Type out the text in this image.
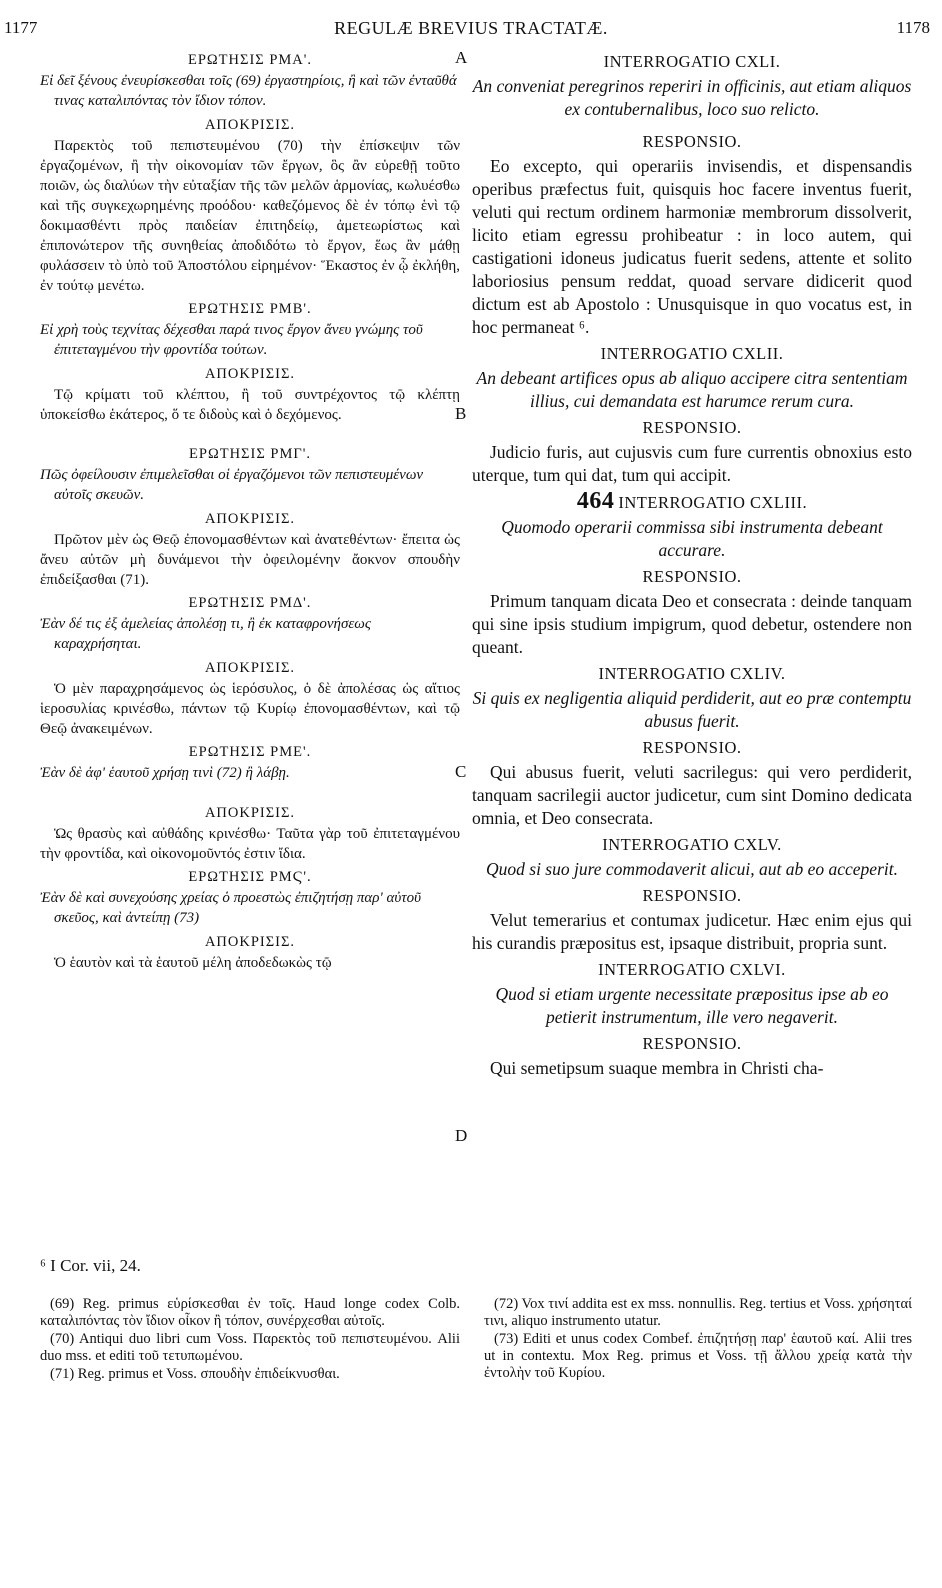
1177	REGULÆ BREVIUS TRACTATÆ.	1178

ΕΡΩΤΗΣΙΣ ΡΜΑ'.

Εἰ δεῖ ξένους ἐνευρίσκεσθαι τοῖς (69) ἐργαστηρίοις, ἢ καὶ τῶν ἐνταῦθά τινας καταλιπόντας τὸν ἴδιον τόπον.

ΑΠΟΚΡΙΣΙΣ.

Παρεκτὸς τοῦ πεπιστευμένου (70) τὴν ἐπίσκεψιν τῶν ἐργαζομένων, ἢ τὴν οἰκονομίαν τῶν ἔργων, ὃς ἂν εὑρεθῇ τοῦτο ποιῶν, ὡς διαλύων τὴν εὐταξίαν τῆς τῶν μελῶν ἁρμονίας, κωλυέσθω καὶ τῆς συγκεχωρημένης προόδου· καθεζόμενος δὲ ἐν τόπῳ ἑνὶ τῷ δοκιμασθέντι πρὸς παιδείαν ἐπιτηδείῳ, ἀμετεωρίστως καὶ ἐπιπονώτερον τῆς συνηθείας ἀποδιδότω τὸ ἔργον, ἕως ἂν μάθῃ φυλάσσειν τὸ ὑπὸ τοῦ Ἀποστόλου εἰρημένον· Ἕκαστος ἐν ᾧ ἐκλήθη, ἐν τούτῳ μενέτω.

ΕΡΩΤΗΣΙΣ ΡΜΒ'.

Εἰ χρὴ τοὺς τεχνίτας δέχεσθαι παρά τινος ἔργον ἄνευ γνώμης τοῦ ἐπιτεταγμένου τὴν φροντίδα τούτων.

ΑΠΟΚΡΙΣΙΣ.

Τῷ κρίματι τοῦ κλέπτου, ἢ τοῦ συντρέχοντος τῷ κλέπτῃ ὑποκείσθω ἑκάτερος, ὅ τε διδοὺς καὶ ὁ δεχόμενος.

ΕΡΩΤΗΣΙΣ ΡΜΓ'.

Πῶς ὀφείλουσιν ἐπιμελεῖσθαι οἱ ἐργαζόμενοι τῶν πεπιστευμένων αὐτοῖς σκευῶν.

ΑΠΟΚΡΙΣΙΣ.

Πρῶτον μὲν ὡς Θεῷ ἐπονομασθέντων καὶ ἀνατεθέντων· ἔπειτα ὡς ἄνευ αὐτῶν μὴ δυνάμενοι τὴν ὀφειλομένην ἄοκνον σπουδὴν ἐπιδείξασθαι (71).

ΕΡΩΤΗΣΙΣ ΡΜΔ'.

Ἐὰν δέ τις ἐξ ἀμελείας ἀπολέσῃ τι, ἢ ἐκ καταφρονήσεως καραχρήσηται.

ΑΠΟΚΡΙΣΙΣ.

Ὁ μὲν παραχρησάμενος ὡς ἱερόσυλος, ὁ δὲ ἀπολέσας ὡς αἴτιος ἱεροσυλίας κρινέσθω, πάντων τῷ Κυρίῳ ἐπονομασθέντων, καὶ τῷ Θεῷ ἀνακειμένων.

ΕΡΩΤΗΣΙΣ ΡΜΕ'.

Ἐὰν δὲ ἀφ' ἑαυτοῦ χρήσῃ τινὶ (72) ἢ λάβῃ.

ΑΠΟΚΡΙΣΙΣ.

Ὡς θρασὺς καὶ αὐθάδης κρινέσθω· Ταῦτα γὰρ τοῦ ἐπιτεταγμένου τὴν φροντίδα, καὶ οἰκονομοῦντός ἐστιν ἴδια.

ΕΡΩΤΗΣΙΣ ΡΜϚ'.

Ἐὰν δὲ καὶ συνεχούσης χρείας ὁ προεστὼς ἐπιζητήσῃ παρ' αὐτοῦ σκεῦος, καὶ ἀντείπῃ (73)

ΑΠΟΚΡΙΣΙΣ.

Ὁ ἑαυτὸν καὶ τὰ ἑαυτοῦ μέλη ἀποδεδωκὼς τῷ

INTERROGATIO CXLI.

An conveniat peregrinos reperiri in officinis, aut etiam aliquos ex contubernalibus, loco suo relicto.

RESPONSIO.

Eo excepto, qui operariis invisendis, et dispensandis operibus præfectus fuit, quisquis hoc facere inventus fuerit, veluti qui rectum ordinem harmoniæ membrorum dissolverit, licito etiam egressu prohibeatur : in loco autem, qui castigationi idoneus judicatus fuerit sedens, attente et solito laboriosius pensum reddat, quoad servare didicerit quod dictum est ab Apostolo : Unusquisque in quo vocatus est, in hoc permaneat ⁶.

INTERROGATIO CXLII.

An debeant artifices opus ab aliquo accipere citra sententiam illius, cui demandata est harumce rerum cura.

RESPONSIO.

Judicio furis, aut cujusvis cum fure currentis obnoxius esto uterque, tum qui dat, tum qui accipit.

464 INTERROGATIO CXLIII.

Quomodo operarii commissa sibi instrumenta debeant accurare.

RESPONSIO.

Primum tanquam dicata Deo et consecrata : deinde tanquam qui sine ipsis studium impigrum, quod debetur, ostendere non queant.

INTERROGATIO CXLIV.

Si quis ex negligentia aliquid perdiderit, aut eo præ contemptu abusus fuerit.

RESPONSIO.

Qui abusus fuerit, veluti sacrilegus: qui vero perdiderit, tanquam sacrilegii auctor judicetur, cum sint Domino dedicata omnia, et Deo consecrata.

INTERROGATIO CXLV.

Quod si suo jure commodaverit alicui, aut ab eo acceperit.

RESPONSIO.

Velut temerarius et contumax judicetur. Hæc enim ejus qui his curandis præpositus est, ipsaque distribuit, propria sunt.

INTERROGATIO CXLVI.

Quod si etiam urgente necessitate præpositus ipse ab eo petierit instrumentum, ille vero negaverit.

RESPONSIO.

Qui semetipsum suaque membra in Christi cha-

A
B
C
D
⁶ I Cor. vii, 24.

(69) Reg. primus εὑρίσκεσθαι ἐν τοῖς. Haud longe codex Colb. καταλιπόντας τὸν ἴδιον οἶκον ἢ τόπον, συνέρχεσθαι αὐτοῖς.

(70) Antiqui duo libri cum Voss. Παρεκτὸς τοῦ πεπιστευμένου. Alii duo mss. et editi τοῦ τετυπωμένου.

(71) Reg. primus et Voss. σπουδὴν ἐπιδείκνυσθαι.

(72) Vox τινί addita est ex mss. nonnullis. Reg. tertius et Voss. χρήσηταί τινι, aliquo instrumento utatur.

(73) Editi et unus codex Combef. ἐπιζητήσῃ παρ' ἑαυτοῦ καί. Alii tres ut in contextu. Mox Reg. primus et Voss. τῇ ἄλλου χρείᾳ κατὰ τὴν ἐντολὴν τοῦ Κυρίου.
